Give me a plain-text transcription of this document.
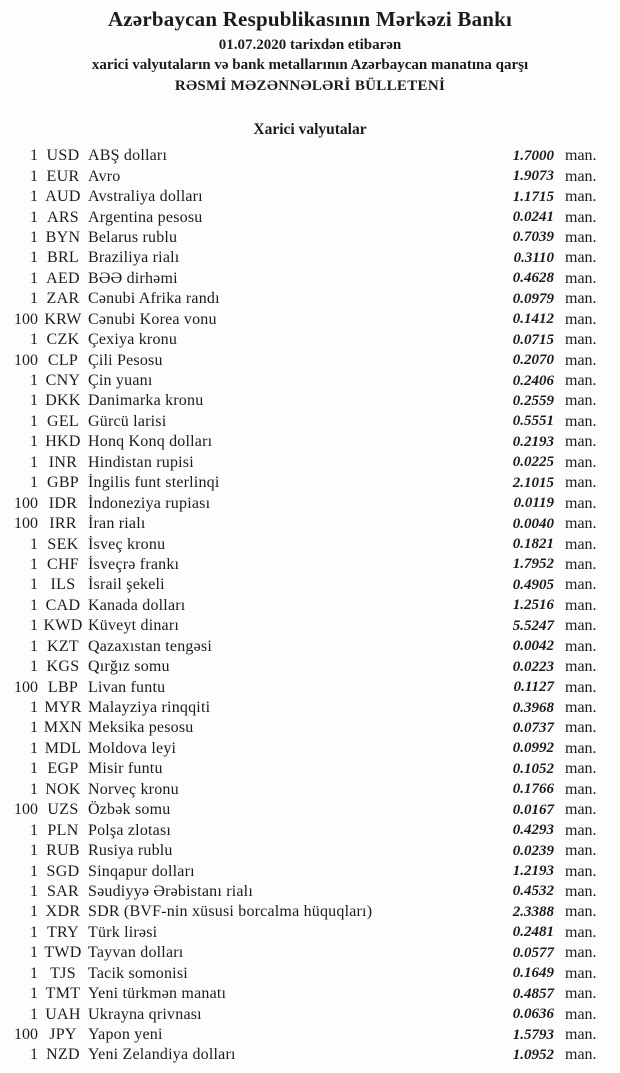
Azərbaycan Respublikasının Mərkəzi Bankı
01.07.2020 tarixdən etibarən
xarici valyutaların və bank metallarının Azərbaycan manatına qarşı
RƏSMİ MƏZƏNNƏLƏRİ BÜLLETENİ
Xarici valyutalar
1 USD ABŞ dolları	1.7000 man.
1 EUR Avro	1.9073 man.
1 AUD Avstraliya dolları	1.1715 man.
1 ARS Argentina pesosu	0.0241 man.
1 BYN Belarus rublu	0.7039 man.
1 BRL Braziliya rialı	0.3110 man.
1 AED BƏƏ dirhəmi	0.4628 man.
1 ZAR Cənubi Afrika randı	0.0979 man.
100 KRW Cənubi Korea vonu	0.1412 man.
1 CZK Çexiya kronu	0.0715 man.
100 CLP Çili Pesosu	0.2070 man.
1 CNY Çin yuanı	0.2406 man.
1 DKK Danimarka kronu	0.2559 man.
1 GEL Gürcü larisi	0.5551 man.
1 HKD Honq Konq dolları	0.2193 man.
1 INR Hindistan rupisi	0.0225 man.
1 GBP İngilis funt sterlinqi	2.1015 man.
100 IDR İndoneziya rupiası	0.0119 man.
100 IRR İran rialı	0.0040 man.
1 SEK İsveç kronu	0.1821 man.
1 CHF İsveçrə frankı	1.7952 man.
1 ILS İsrail şekeli	0.4905 man.
1 CAD Kanada dolları	1.2516 man.
1 KWD Küveyt dinarı	5.5247 man.
1 KZT Qazaxıstan tengəsi	0.0042 man.
1 KGS Qırğız somu	0.0223 man.
100 LBP Livan funtu	0.1127 man.
1 MYR Malayziya rinqqiti	0.3968 man.
1 MXN Meksika pesosu	0.0737 man.
1 MDL Moldova leyi	0.0992 man.
1 EGP Misir funtu	0.1052 man.
1 NOK Norveç kronu	0.1766 man.
100 UZS Özbək somu	0.0167 man.
1 PLN Polşa zlotası	0.4293 man.
1 RUB Rusiya rublu	0.0239 man.
1 SGD Sinqapur dolları	1.2193 man.
1 SAR Səudiyyə Ərəbistanı rialı	0.4532 man.
1 XDR SDR (BVF-nin xüsusi borcalma hüquqları)	2.3388 man.
1 TRY Türk lirəsi	0.2481 man.
1 TWD Tayvan dolları	0.0577 man.
1 TJS Tacik somonisi	0.1649 man.
1 TMT Yeni türkmən manatı	0.4857 man.
1 UAH Ukrayna qrivnası	0.0636 man.
100 JPY Yapon yeni	1.5793 man.
1 NZD Yeni Zelandiya dolları	1.0952 man.
